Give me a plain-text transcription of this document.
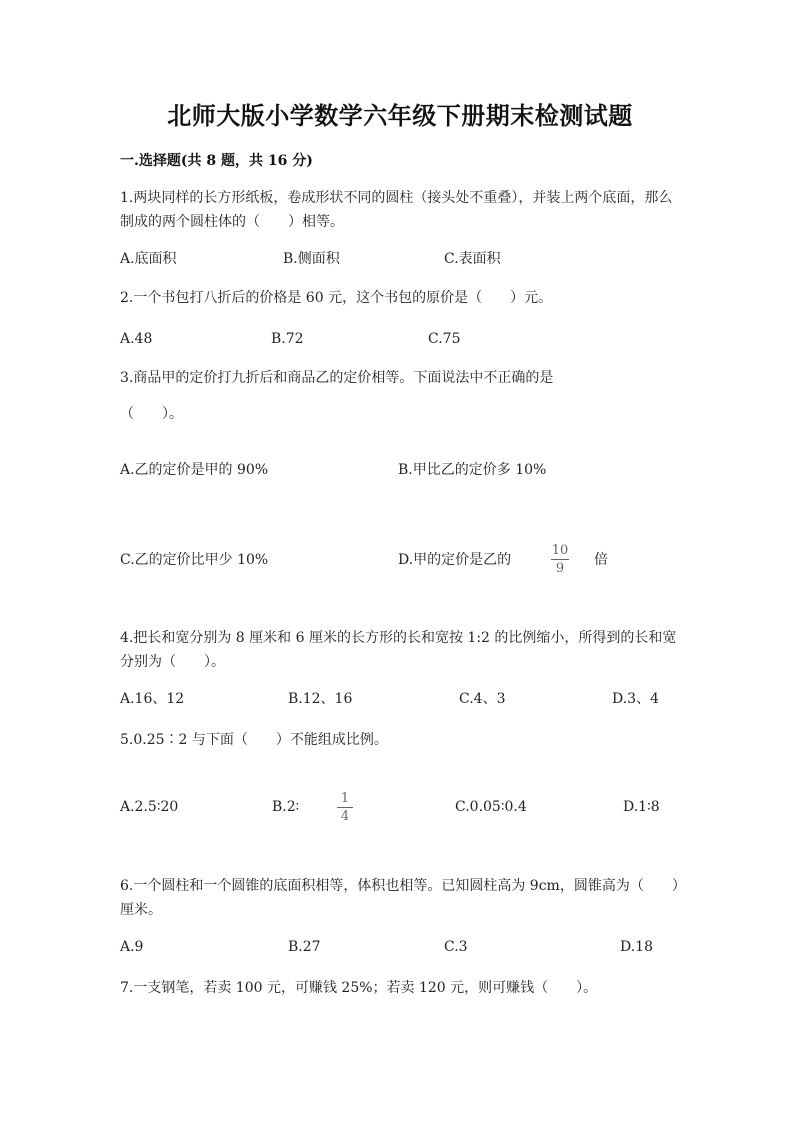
北师大版小学数学六年级下册期末检测试题
一.选择题(共 8 题，共 16 分)
1.两块同样的长方形纸板，卷成形状不同的圆柱（接头处不重叠），并装上两个底面，那么制成的两个圆柱体的（　　）相等。
A.底面积	B.侧面积	C.表面积
2.一个书包打八折后的价格是 60 元，这个书包的原价是（　　）元。
A.48	B.72	C.75
3.商品甲的定价打九折后和商品乙的定价相等。下面说法中不正确的是
（　　）。
A.乙的定价是甲的 90%	B.甲比乙的定价多 10%
C.乙的定价比甲少 10%	D.甲的定价是乙的
10
9
倍
4.把长和宽分别为 8 厘米和 6 厘米的长方形的长和宽按 1:2 的比例缩小，所得到的长和宽分别为（　　）。
A.16、12	B.12、16	C.4、3	D.3、4
5.0.25∶2 与下面（　　）不能组成比例。
A.2.5∶20	B.2∶
1
4
C.0.05∶0.4	D.1∶8
6.一个圆柱和一个圆锥的底面积相等，体积也相等。已知圆柱高为 9cm，圆锥高为（　　）厘米。
A.9	B.27	C.3	D.18
7.一支钢笔，若卖 100 元，可赚钱 25%；若卖 120 元，则可赚钱（　　）。
